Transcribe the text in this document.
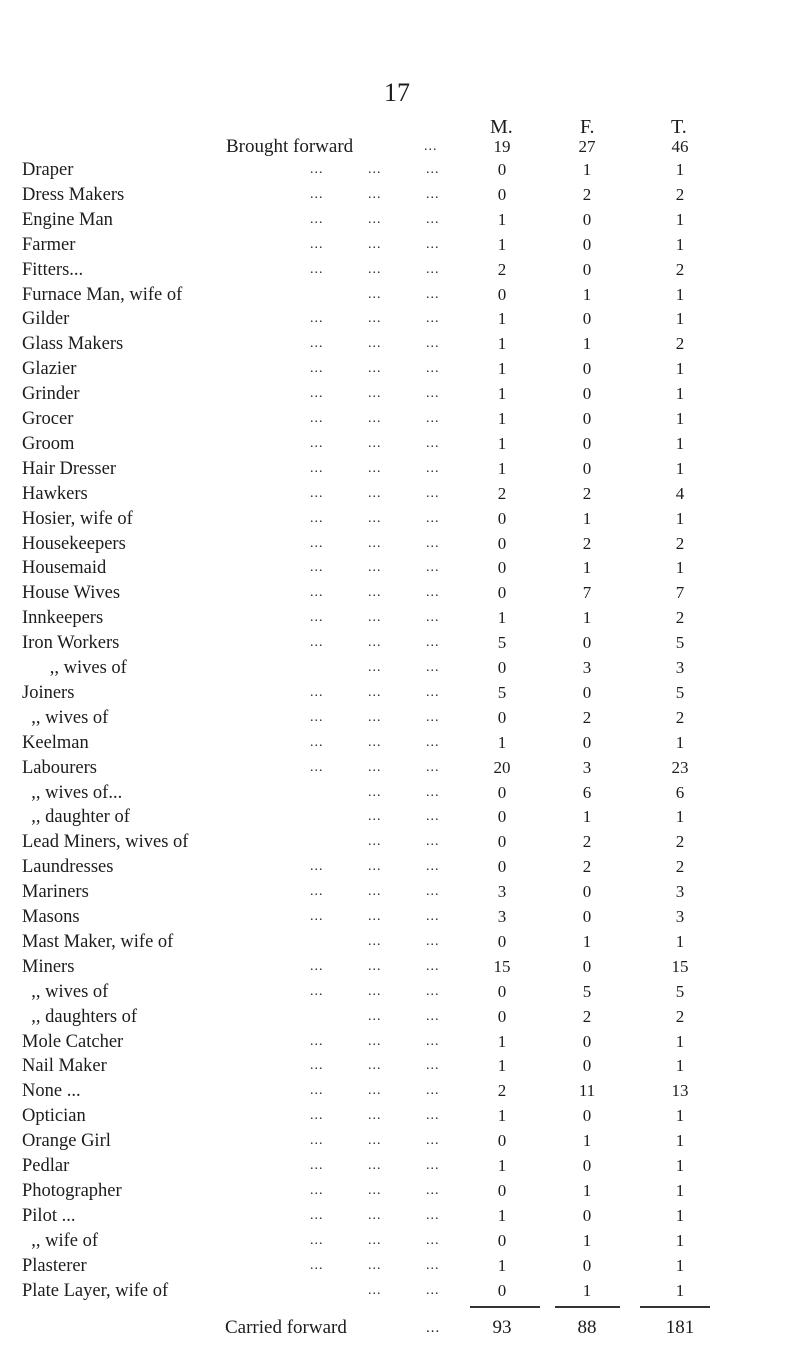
17
M.	F.	T.
Brought forward	...	19	27	46
Draper	...	...	...	0	1	1
Dress Makers	...	...	...	0	2	2
Engine Man	...	...	...	1	0	1
Farmer	...	...	...	1	0	1
Fitters...	...	...	...	2	0	2
Furnace Man, wife of	...	...	0	1	1
Gilder	...	...	...	1	0	1
Glass Makers	...	...	...	1	1	2
Glazier	...	...	...	1	0	1
Grinder	...	...	...	1	0	1
Grocer	...	...	...	1	0	1
Groom	...	...	...	1	0	1
Hair Dresser	...	...	...	1	0	1
Hawkers	...	...	...	2	2	4
Hosier, wife of	...	...	...	0	1	1
Housekeepers	...	...	...	0	2	2
Housemaid	...	...	...	0	1	1
House Wives	...	...	...	0	7	7
Innkeepers	...	...	...	1	1	2
Iron Workers	...	...	...	5	0	5
,, wives of	...	...	0	3	3
Joiners	...	...	...	5	0	5
,, wives of	...	...	...	0	2	2
Keelman	...	...	...	1	0	1
Labourers	...	...	...	20	3	23
,, wives of...	...	...	0	6	6
,, daughter of	...	...	0	1	1
Lead Miners, wives of	...	...	0	2	2
Laundresses	...	...	...	0	2	2
Mariners	...	...	...	3	0	3
Masons	...	...	...	3	0	3
Mast Maker, wife of	...	...	0	1	1
Miners	...	...	...	15	0	15
,, wives of	...	...	...	0	5	5
,, daughters of	...	...	0	2	2
Mole Catcher	...	...	...	1	0	1
Nail Maker	...	...	...	1	0	1
None ...	...	...	...	2	11	13
Optician	...	...	...	1	0	1
Orange Girl	...	...	...	0	1	1
Pedlar	...	...	...	1	0	1
Photographer	...	...	...	0	1	1
Pilot ...	...	...	...	1	0	1
,, wife of	...	...	...	0	1	1
Plasterer	...	...	...	1	0	1
Plate Layer, wife of	...	...	0	1	1
Carried forward	...	93	88	181
